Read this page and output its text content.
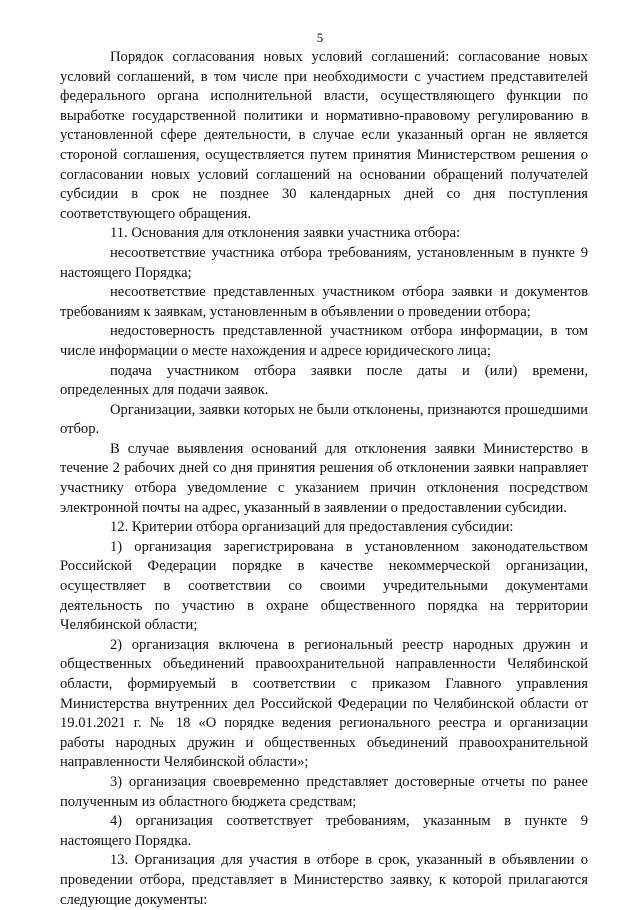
5

Порядок согласования новых условий соглашений: согласование новых условий соглашений, в том числе при необходимости с участием представителей федерального органа исполнительной власти, осуществляющего функции по выработке государственной политики и нормативно-правовому регулированию в установленной сфере деятельности, в случае если указанный орган не является стороной соглашения, осуществляется путем принятия Министерством решения о согласовании новых условий соглашений на основании обращений получателей субсидии в срок не позднее 30 календарных дней со дня поступления соответствующего обращения.

11. Основания для отклонения заявки участника отбора:

несоответствие участника отбора требованиям, установленным в пункте 9 настоящего Порядка;

несоответствие представленных участником отбора заявки и документов требованиям к заявкам, установленным в объявлении о проведении отбора;

недостоверность представленной участником отбора информации, в том числе информации о месте нахождения и адресе юридического лица;

подача участником отбора заявки после даты и (или) времени, определенных для подачи заявок.

Организации, заявки которых не были отклонены, признаются прошедшими отбор.

В случае выявления оснований для отклонения заявки Министерство в течение 2 рабочих дней со дня принятия решения об отклонении заявки направляет участнику отбора уведомление с указанием причин отклонения посредством электронной почты на адрес, указанный в заявлении о предоставлении субсидии.

12. Критерии отбора организаций для предоставления субсидии:

1) организация зарегистрирована в установленном законодательством Российской Федерации порядке в качестве некоммерческой организации, осуществляет в соответствии со своими учредительными документами деятельность по участию в охране общественного порядка на территории Челябинской области;

2) организация включена в региональный реестр народных дружин и общественных объединений правоохранительной направленности Челябинской области, формируемый в соответствии с приказом Главного управления Министерства внутренних дел Российской Федерации по Челябинской области от 19.01.2021 г. № 18 «О порядке ведения регионального реестра и организации работы народных дружин и общественных объединений правоохранительной направленности Челябинской области»;

3) организация своевременно представляет достоверные отчеты по ранее полученным из областного бюджета средствам;

4) организация соответствует требованиям, указанным в пункте 9 настоящего Порядка.

13. Организация для участия в отборе в срок, указанный в объявлении о проведении отбора, представляет в Министерство заявку, к которой прилагаются следующие документы:
